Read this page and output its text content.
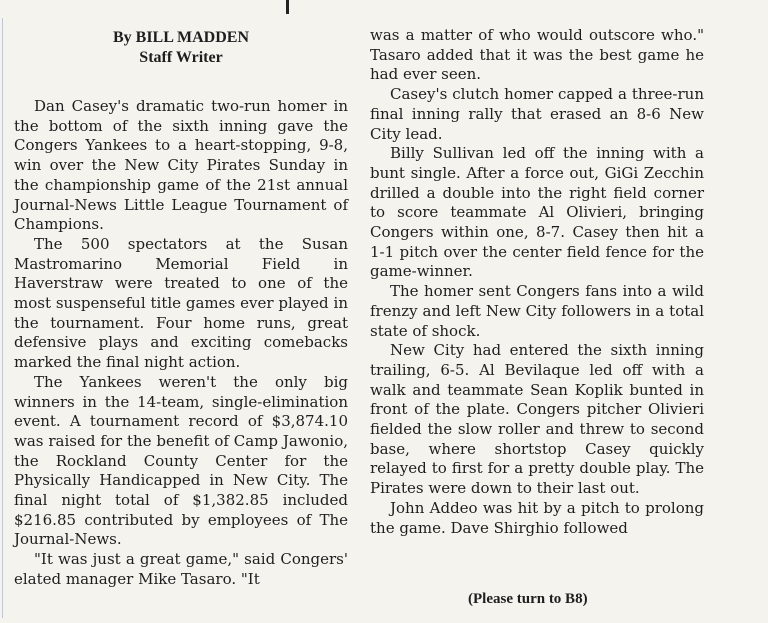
By BILL MADDEN
Staff Writer

Dan Casey's dramatic two-run homer in the bottom of the sixth inning gave the Congers Yankees to a heart-stopping, 9-8, win over the New City Pirates Sunday in the championship game of the 21st annual Journal-News Little League Tournament of Champions.

The 500 spectators at the Susan Mastromarino Memorial Field in Haverstraw were treated to one of the most suspenseful title games ever played in the tournament. Four home runs, great defensive plays and exciting comebacks marked the final night action.

The Yankees weren't the only big winners in the 14-team, single-elimination event. A tournament record of $3,874.10 was raised for the benefit of Camp Jawonio, the Rockland County Center for the Physically Handicapped in New City. The final night total of $1,382.85 included $216.85 contributed by employees of The Journal-News.

"It was just a great game," said Congers' elated manager Mike Tasaro. "It

was a matter of who would outscore who." Tasaro added that it was the best game he had ever seen.

Casey's clutch homer capped a three-run final inning rally that erased an 8-6 New City lead.

Billy Sullivan led off the inning with a bunt single. After a force out, GiGi Zecchin drilled a double into the right field corner to score teammate Al Olivieri, bringing Congers within one, 8-7. Casey then hit a 1-1 pitch over the center field fence for the game-winner.

The homer sent Congers fans into a wild frenzy and left New City followers in a total state of shock.

New City had entered the sixth inning trailing, 6-5. Al Bevilaque led off with a walk and teammate Sean Koplik bunted in front of the plate. Congers pitcher Olivieri fielded the slow roller and threw to second base, where shortstop Casey quickly relayed to first for a pretty double play. The Pirates were down to their last out.

John Addeo was hit by a pitch to prolong the game. Dave Shirghio followed

(Please turn to B8)
